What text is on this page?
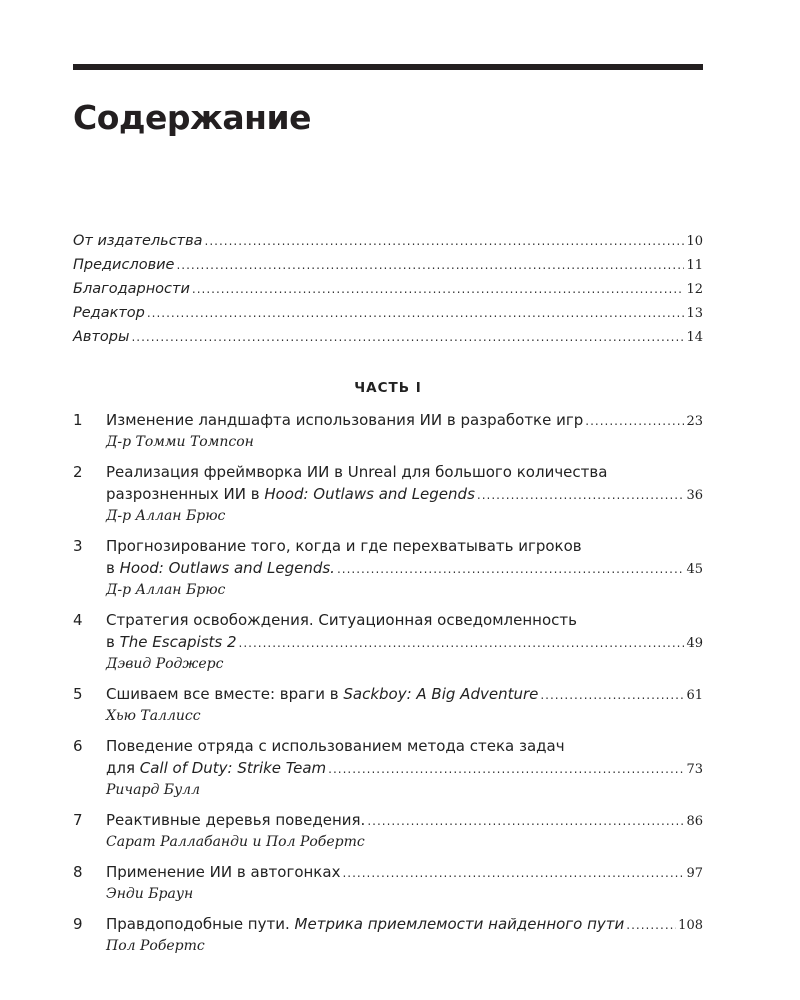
Содержание
От издательства .....	10
Предисловие .....	11
Благодарности .....	12
Редактор .....	13
Авторы .....	14
ЧАСТЬ I
1 Изменение ландшафта использования ИИ в разработке игр .....	23
Д-р Томми Томпсон
2 Реализация фреймворка ИИ в Unreal для большого количества
разрозненных ИИ в Hood: Outlaws and Legends .....	36
Д-р Аллан Брюс
3 Прогнозирование того, когда и где перехватывать игроков
в Hood: Outlaws and Legends. .....	45
Д-р Аллан Брюс
4 Стратегия освобождения. Ситуационная осведомленность
в The Escapists 2 .....	49
Дэвид Роджерс
5 Сшиваем все вместе: враги в Sackboy: A Big Adventure .....	61
Хью Таллисс
6 Поведение отряда с использованием метода стека задач
для Call of Duty: Strike Team .....	73
Ричард Булл
7 Реактивные деревья поведения. .....	86
Сарат Раллабанди и Пол Робертс
8 Применение ИИ в автогонках .....	97
Энди Браун
9 Правдоподобные пути. Метрика приемлемости найденного пути .....	108
Пол Робертс
